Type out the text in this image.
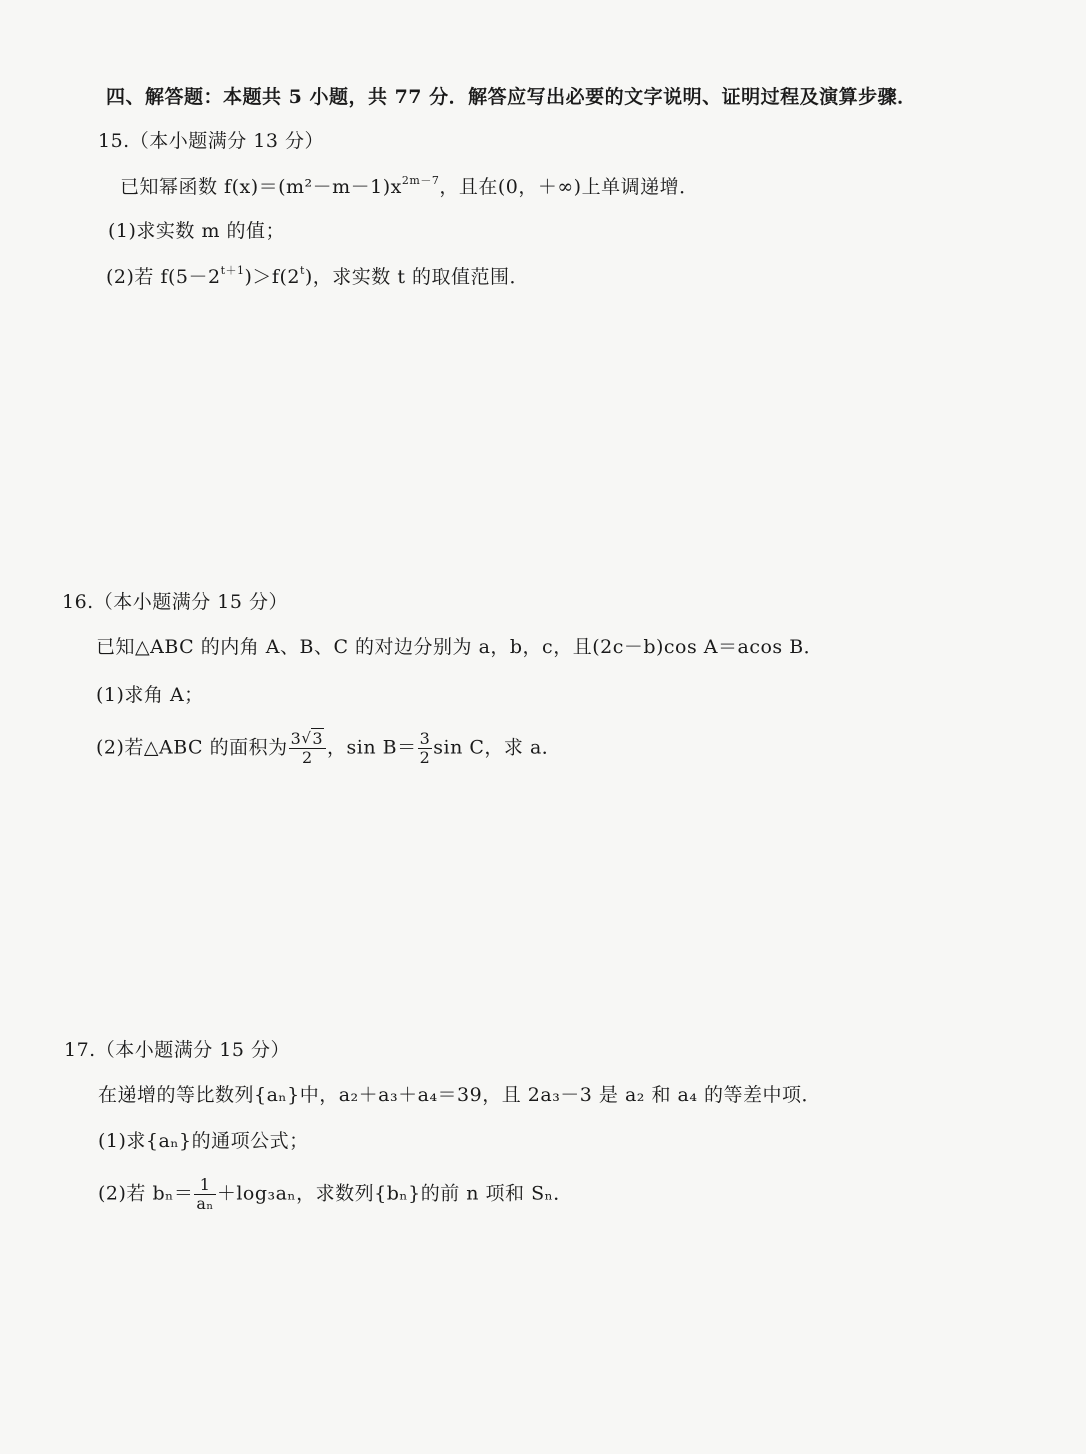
四、解答题：本题共 5 小题，共 77 分．解答应写出必要的文字说明、证明过程及演算步骤．
15.（本小题满分 13 分）
已知幂函数 $f(x)=(m^2-m-1)x^{2m-7}$，且在(0，＋∞)上单调递增．
(1)求实数 m 的值；
(2)若 $f(5-2^{t+1})>f(2^t)$，求实数 t 的取值范围．
16.（本小题满分 15 分）
已知△ABC 的内角 A、B、C 的对边分别为 a，b，c，且(2c－b)cos A＝acos B．
(1)求角 A；
(2)若△ABC 的面积为 $\frac{3√ 3}{2}$ ，$\sin B= \frac{3}{2}$ sin C，求 a．
17.（本小题满分 15 分）
在递增的等比数列{aₙ}中，a₂＋a₃＋a₄＝39，且 2a₃－3 是 a₂ 和 a₄ 的等差中项．
(1)求{aₙ}的通项公式；
(2)若 $b_n= \frac{1}{\text{aₙ}} +\log_3a_n$，求数列{bₙ}的前 n 项和 Sₙ．
